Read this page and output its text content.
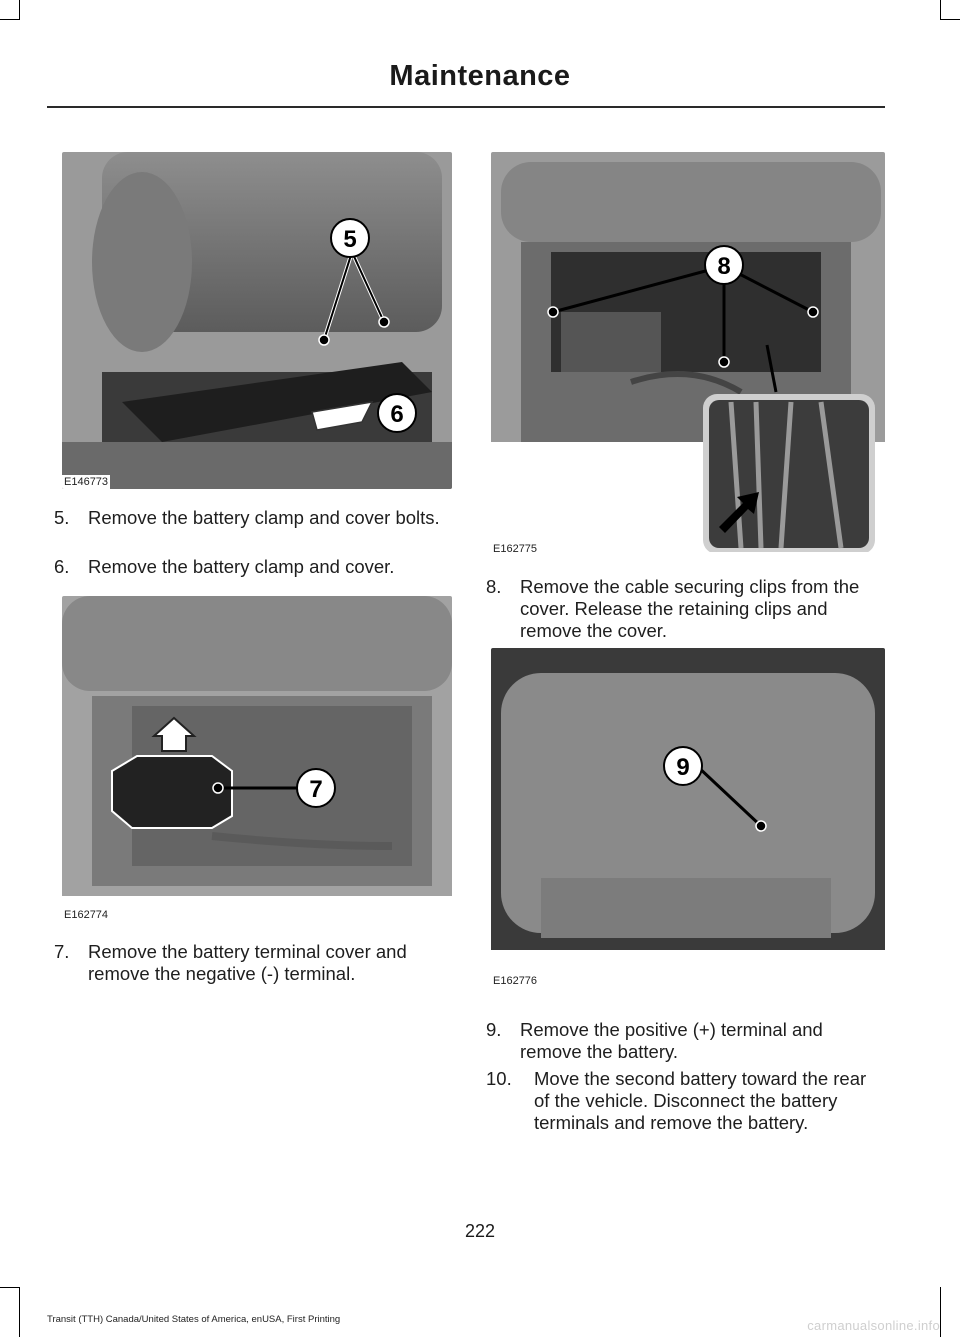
Maintenance
5
6
E146773
8
E162775
5.	Remove the battery clamp and cover bolts.
6.	Remove the battery clamp and cover.
7
E162774
7.	Remove the battery terminal cover and remove the negative (-) terminal.
8.	Remove the cable securing clips from the cover. Release the retaining clips and remove the cover.
9
E162776
9.	Remove the positive (+) terminal and remove the battery.
10.	Move the second battery toward the rear of the vehicle. Disconnect the battery terminals and remove the battery.
222
Transit (TTH) Canada/United States of America, enUSA, First Printing	carmanualsonline.info
